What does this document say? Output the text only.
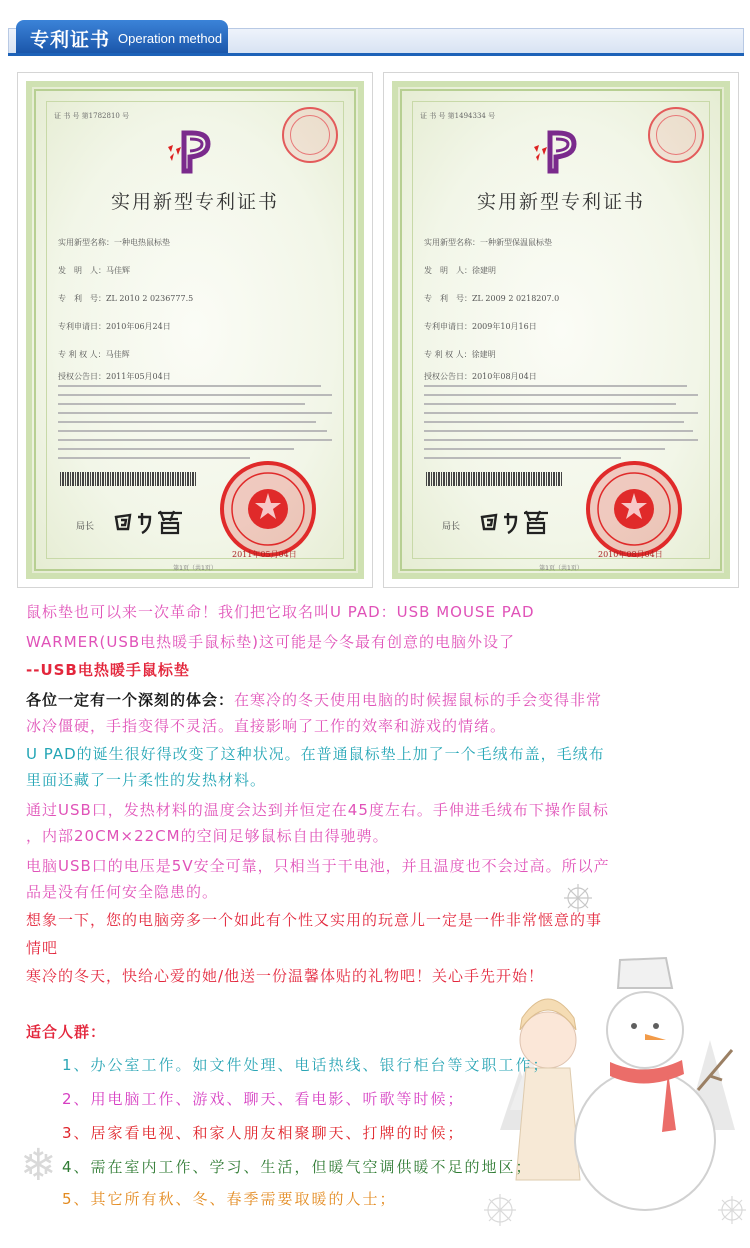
专利证书 Operation method
证 书 号 第1782810 号
实用新型专利证书
实用新型名称：一种电热鼠标垫
发　明　人：马佳辉
专　利　号：ZL 2010 2 0236777.5
专利申请日：2010年06月24日
专 利 权 人：马佳辉
授权公告日：2011年05月04日
局长
2011年05月04日
第1页（共1页）
证 书 号 第1494334 号
实用新型专利证书
实用新型名称：一种新型保温鼠标垫
发　明　人：徐建明
专　利　号：ZL 2009 2 0218207.0
专利申请日：2009年10月16日
专 利 权 人：徐建明
授权公告日：2010年08月04日
局长
2010年08月04日
第1页（共1页）
❄
鼠标垫也可以来一次革命！我们把它取名叫U PAD：USB MOUSE PAD
WARMER(USB电热暖手鼠标垫)这可能是今冬最有创意的电脑外设了
--USB电热暖手鼠标垫
各位一定有一个深刻的体会：在寒冷的冬天使用电脑的时候握鼠标的手会变得非常
冰冷僵硬，手指变得不灵活。直接影响了工作的效率和游戏的情绪。
U PAD的诞生很好得改变了这种状况。在普通鼠标垫上加了一个毛绒布盖，毛绒布
里面还藏了一片柔性的发热材料。
通过USB口，发热材料的温度会达到并恒定在45度左右。手伸进毛绒布下操作鼠标
，内部20CM×22CM的空间足够鼠标自由得驰骋。
电脑USB口的电压是5V安全可靠，只相当于干电池，并且温度也不会过高。所以产
品是没有任何安全隐患的。
想象一下，您的电脑旁多一个如此有个性又实用的玩意儿一定是一件非常惬意的事
情吧
寒冷的冬天，快给心爱的她/他送一份温馨体贴的礼物吧！关心手先开始！
适合人群：
1、办公室工作。如文件处理、电话热线、银行柜台等文职工作；
2、用电脑工作、游戏、聊天、看电影、听歌等时候；
3、居家看电视、和家人朋友相聚聊天、打牌的时候；
4、需在室内工作、学习、生活，但暖气空调供暖不足的地区；
5、其它所有秋、冬、春季需要取暖的人士；
